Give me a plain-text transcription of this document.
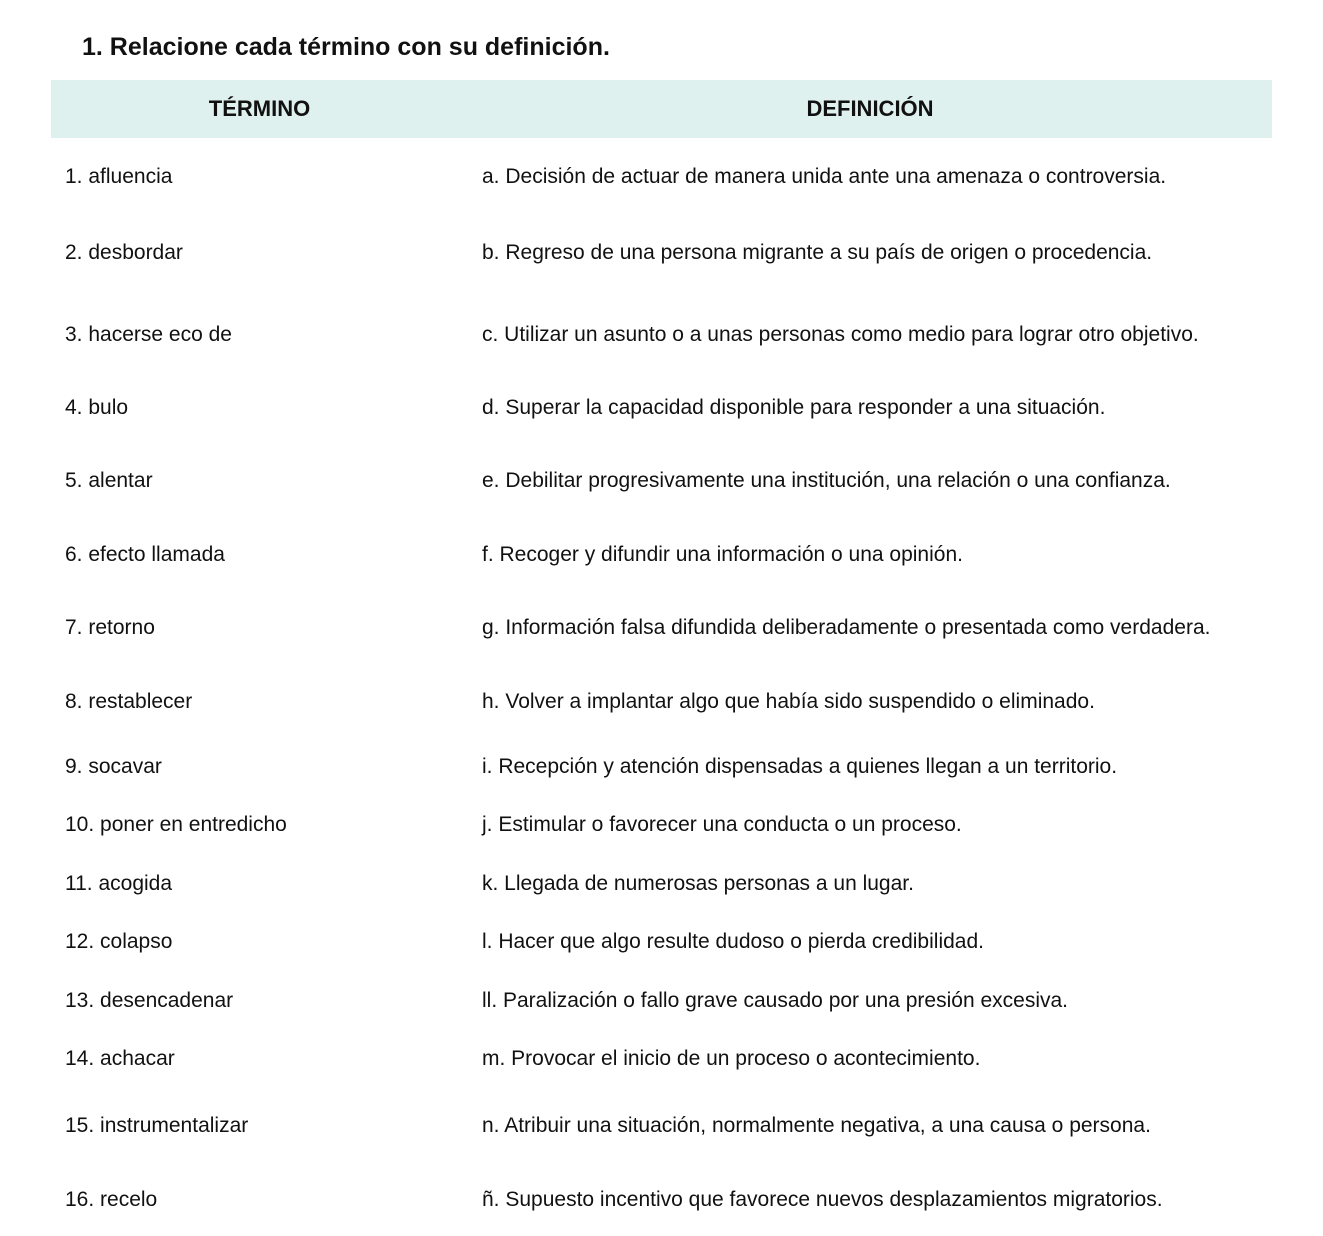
1. Relacione cada término con su definición.
TÉRMINO	DEFINICIÓN
1. afluencia	a. Decisión de actuar de manera unida ante una amenaza o controversia.
2. desbordar	b. Regreso de una persona migrante a su país de origen o procedencia.
3. hacerse eco de	c. Utilizar un asunto o a unas personas como medio para lograr otro objetivo.
4. bulo	d. Superar la capacidad disponible para responder a una situación.
5. alentar	e. Debilitar progresivamente una institución, una relación o una confianza.
6. efecto llamada	f. Recoger y difundir una información o una opinión.
7. retorno	g. Información falsa difundida deliberadamente o presentada como verdadera.
8. restablecer	h. Volver a implantar algo que había sido suspendido o eliminado.
9. socavar	i. Recepción y atención dispensadas a quienes llegan a un territorio.
10. poner en entredicho	j. Estimular o favorecer una conducta o un proceso.
11. acogida	k. Llegada de numerosas personas a un lugar.
12. colapso	l. Hacer que algo resulte dudoso o pierda credibilidad.
13. desencadenar	ll. Paralización o fallo grave causado por una presión excesiva.
14. achacar	m. Provocar el inicio de un proceso o acontecimiento.
15. instrumentalizar	n. Atribuir una situación, normalmente negativa, a una causa o persona.
16. recelo	ñ. Supuesto incentivo que favorece nuevos desplazamientos migratorios.
